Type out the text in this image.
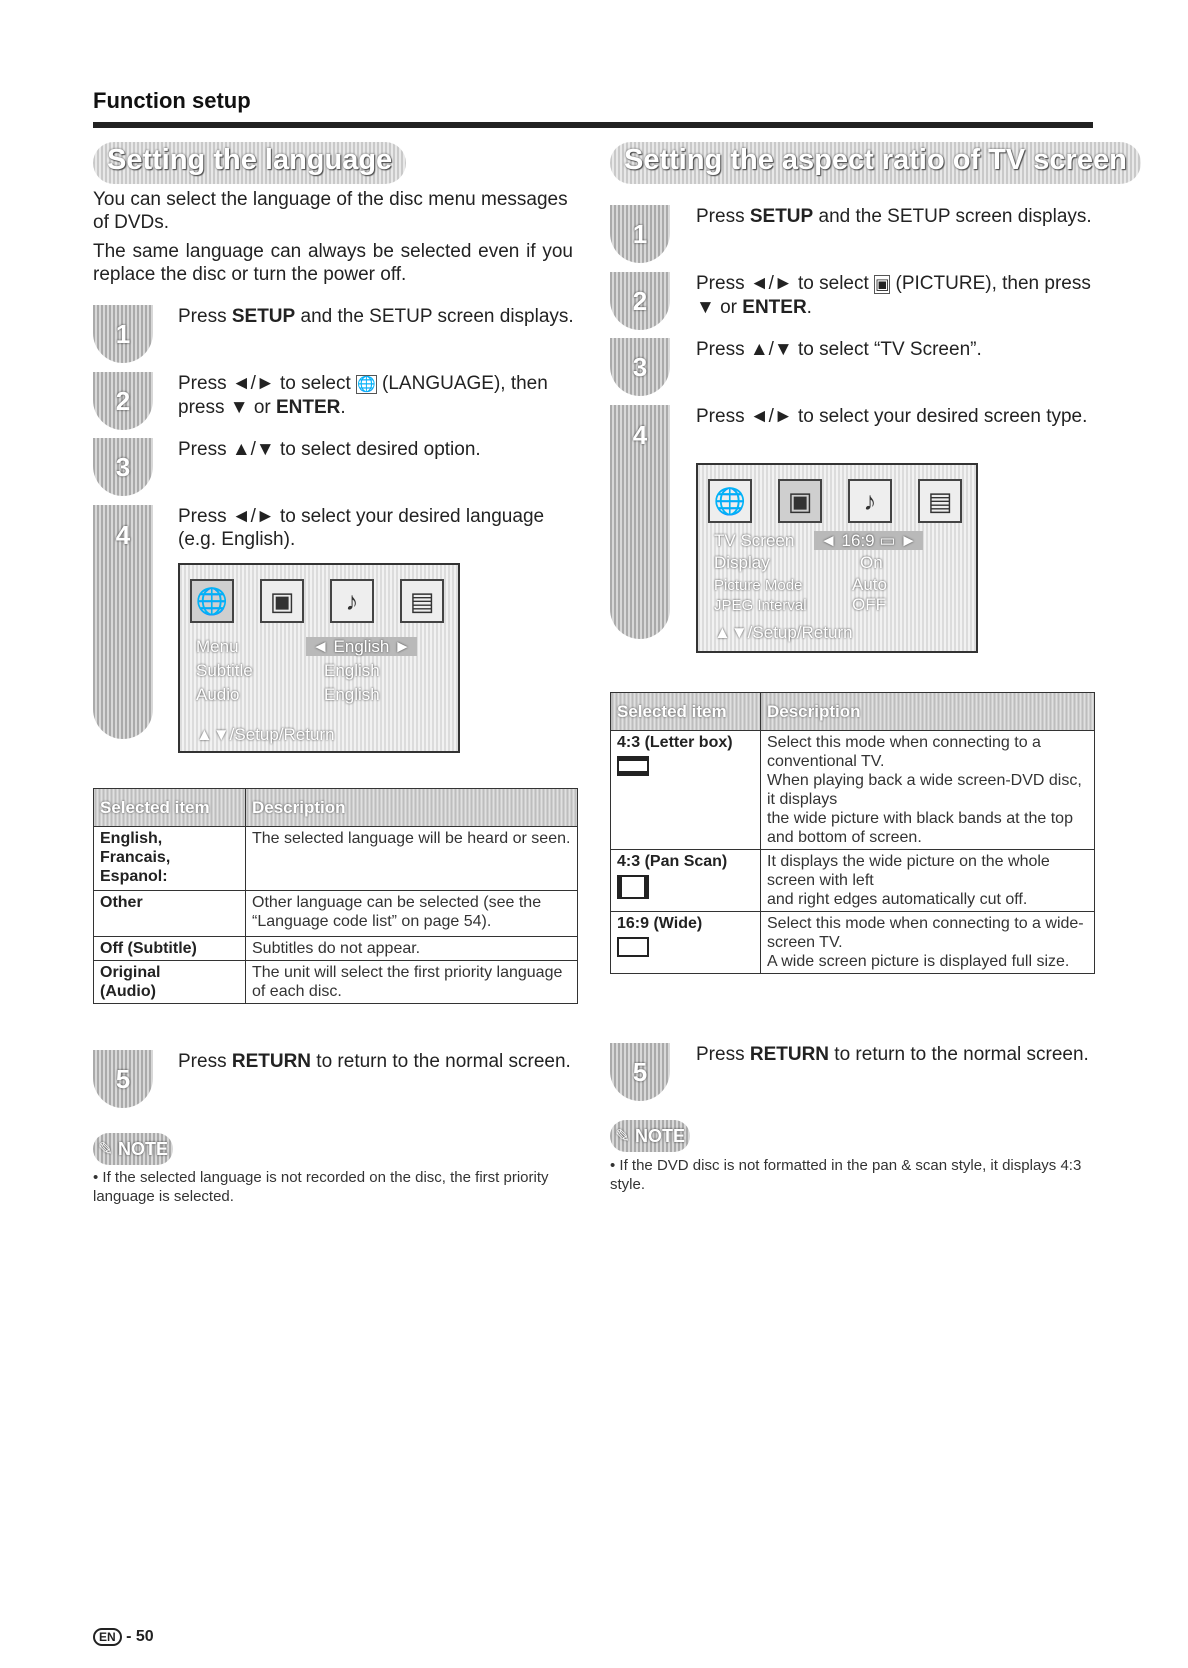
Function setup
Setting the language

You can select the language of the disc menu messages of DVDs.

The same language can always be selected even if you replace the disc or turn the power off.

1
Press SETUP and the SETUP screen displays.
2
Press ◄/► to select 🌐 (LANGUAGE), then press ▼ or ENTER.
3
Press ▲/▼ to select desired option.
4
Press ◄/► to select your desired language (e.g. English).
🌐	▣	♪	▤
Menu	◄ English ►
Subtitle	English
Audio	English
▲▼/Setup/Return
Selected item	Description
English,
Francais,
Espanol:	The selected language will be heard or seen.
Other	Other language can be selected (see the “Language code list” on page 54).
Off (Subtitle)	Subtitles do not appear.
Original
(Audio)	The unit will select the first priority language of each disc.
5
Press RETURN to return to the normal screen.
✎ NOTE
• If the selected language is not recorded on the disc, the first priority language is selected.
Setting the aspect ratio of TV screen
1
Press SETUP and the SETUP screen displays.
2
Press ◄/► to select ▣ (PICTURE), then press ▼ or ENTER.
3
Press ▲/▼ to select “TV Screen”.
4
Press ◄/► to select your desired screen type.
🌐	▣	♪	▤
TV Screen ◄ 16:9 ▭ ►
Display	On
Picture Mode	Auto
JPEG Interval	OFF
▲▼/Setup/Return
Selected item	Description
4:3 (Letter box)	Select this mode when connecting to a conventional TV.
When playing back a wide screen-DVD disc, it displays
the wide picture with black bands at the top and bottom of screen.
4:3 (Pan Scan)	It displays the wide picture on the whole screen with left
and right edges automatically cut off.
16:9 (Wide)	Select this mode when connecting to a wide-screen TV.
A wide screen picture is displayed full size.
5
Press RETURN to return to the normal screen.
✎ NOTE
• If the DVD disc is not formatted in the pan & scan style, it displays 4:3 style.
EN - 50
